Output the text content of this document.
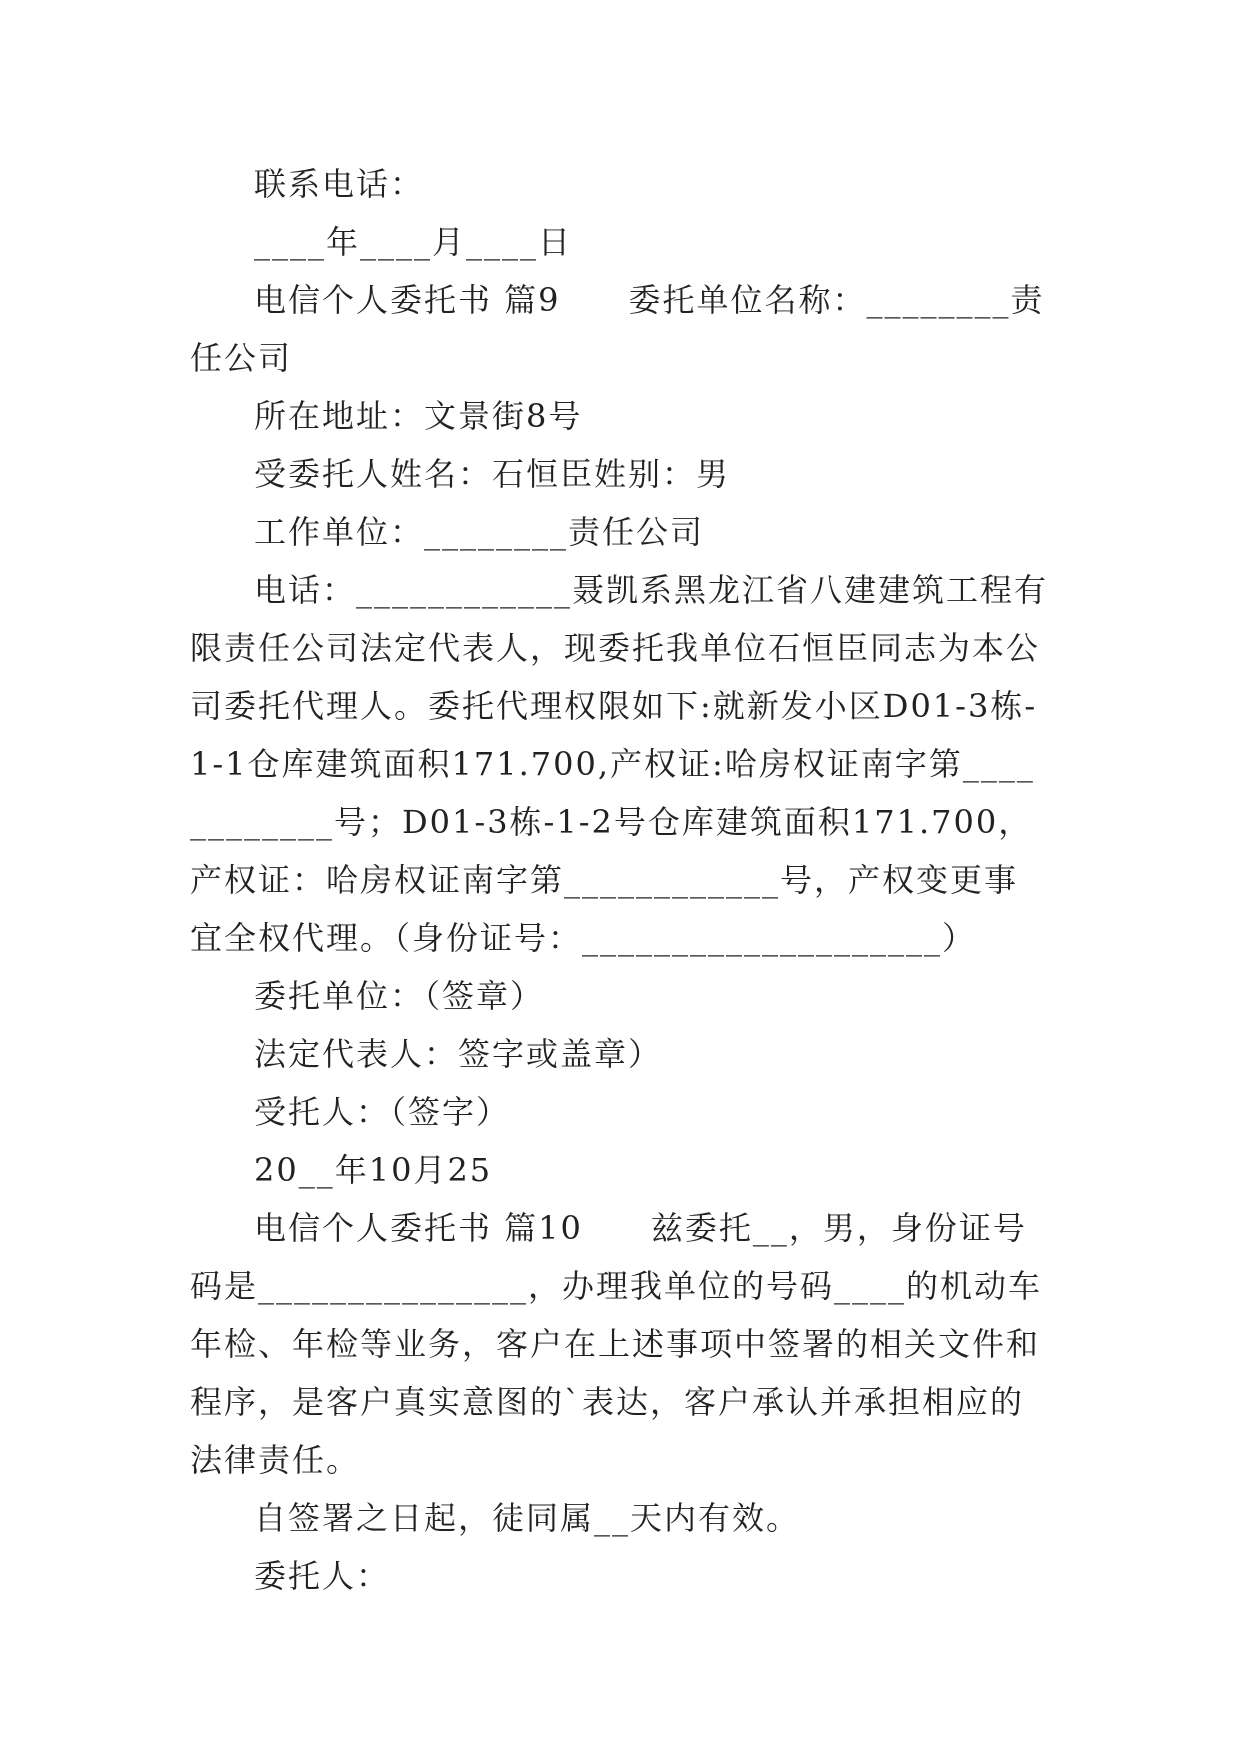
联系电话：

____年____月____日

电信个人委托书 篇9　　委托单位名称：________责任公司

所在地址：文景街8号

受委托人姓名：石恒臣姓别：男

工作单位：________责任公司

电话：____________聂凯系黑龙江省八建建筑工程有限责任公司法定代表人，现委托我单位石恒臣同志为本公司委托代理人。委托代理权限如下:就新发小区D01-3栋-1-1仓库建筑面积171.700,产权证:哈房权证南字第____________号；D01-3栋-1-2号仓库建筑面积171.700，产权证：哈房权证南字第____________号，产权变更事宜全权代理。（身份证号：____________________）

委托单位：（签章）

法定代表人：签字或盖章）

受托人：（签字）

20__年10月25

电信个人委托书 篇10　　兹委托__，男，身份证号码是_______________，办理我单位的号码____的机动车年检、年检等业务，客户在上述事项中签署的相关文件和程序，是客户真实意图的`表达，客户承认并承担相应的法律责任。

自签署之日起，徒同属__天内有效。

委托人：
